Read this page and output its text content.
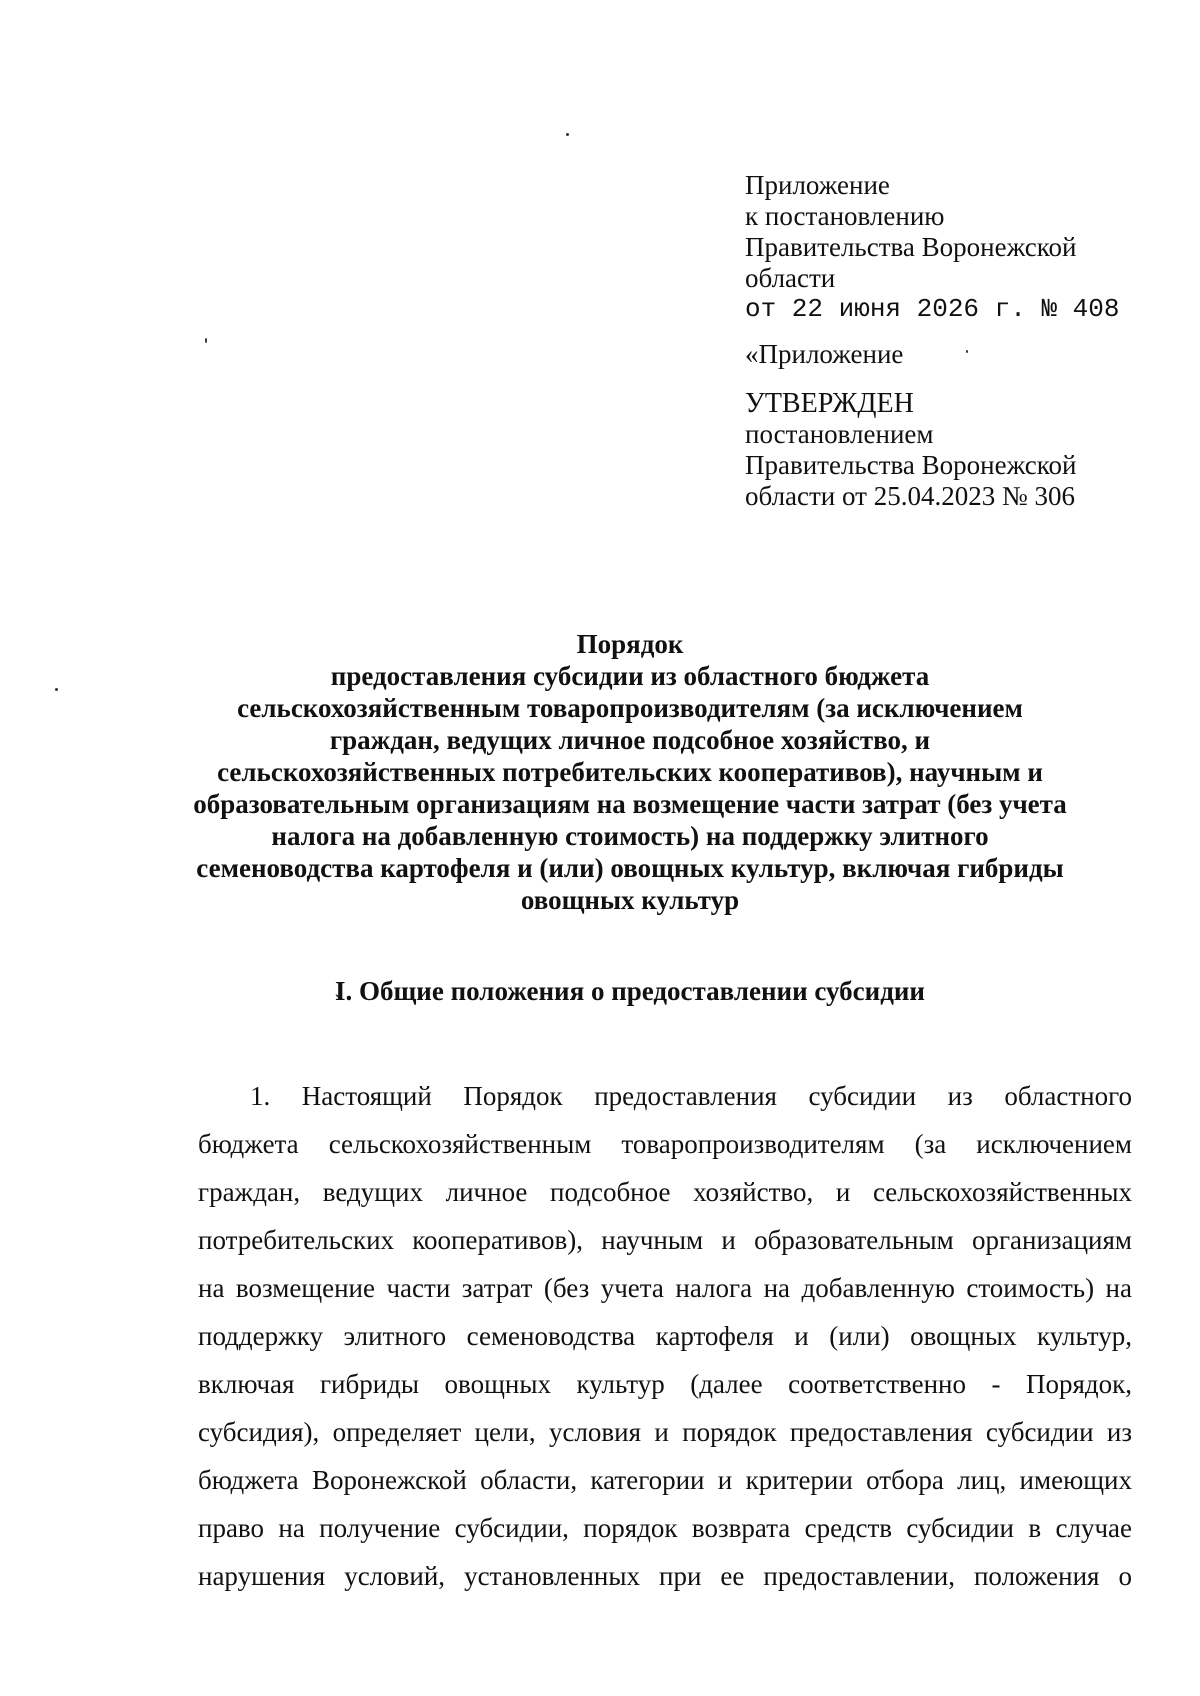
Приложение
к постановлению
Правительства Воронежской
области
от 22 июня 2026 г. № 408
«Приложение
УТВЕРЖДЕН
постановлением
Правительства Воронежской
области от 25.04.2023 № 306
Порядок
предоставления субсидии из областного бюджета
сельскохозяйственным товаропроизводителям (за исключением
граждан, ведущих личное подсобное хозяйство, и
сельскохозяйственных потребительских кооперативов), научным и
образовательным организациям на возмещение части затрат (без учета
налога на добавленную стоимость) на поддержку элитного
семеноводства картофеля и (или) овощных культур, включая гибриды
овощных культур
I. Общие положения о предоставлении субсидии
1. Настоящий Порядок предоставления субсидии из областного
бюджета сельскохозяйственным товаропроизводителям (за исключением
граждан, ведущих личное подсобное хозяйство, и сельскохозяйственных
потребительских кооперативов), научным и образовательным организациям
на возмещение части затрат (без учета налога на добавленную стоимость) на
поддержку элитного семеноводства картофеля и (или) овощных культур,
включая гибриды овощных культур (далее соответственно - Порядок,
субсидия), определяет цели, условия и порядок предоставления субсидии из
бюджета Воронежской области, категории и критерии отбора лиц, имеющих
право на получение субсидии, порядок возврата средств субсидии в случае
нарушения условий, установленных при ее предоставлении, положения о
